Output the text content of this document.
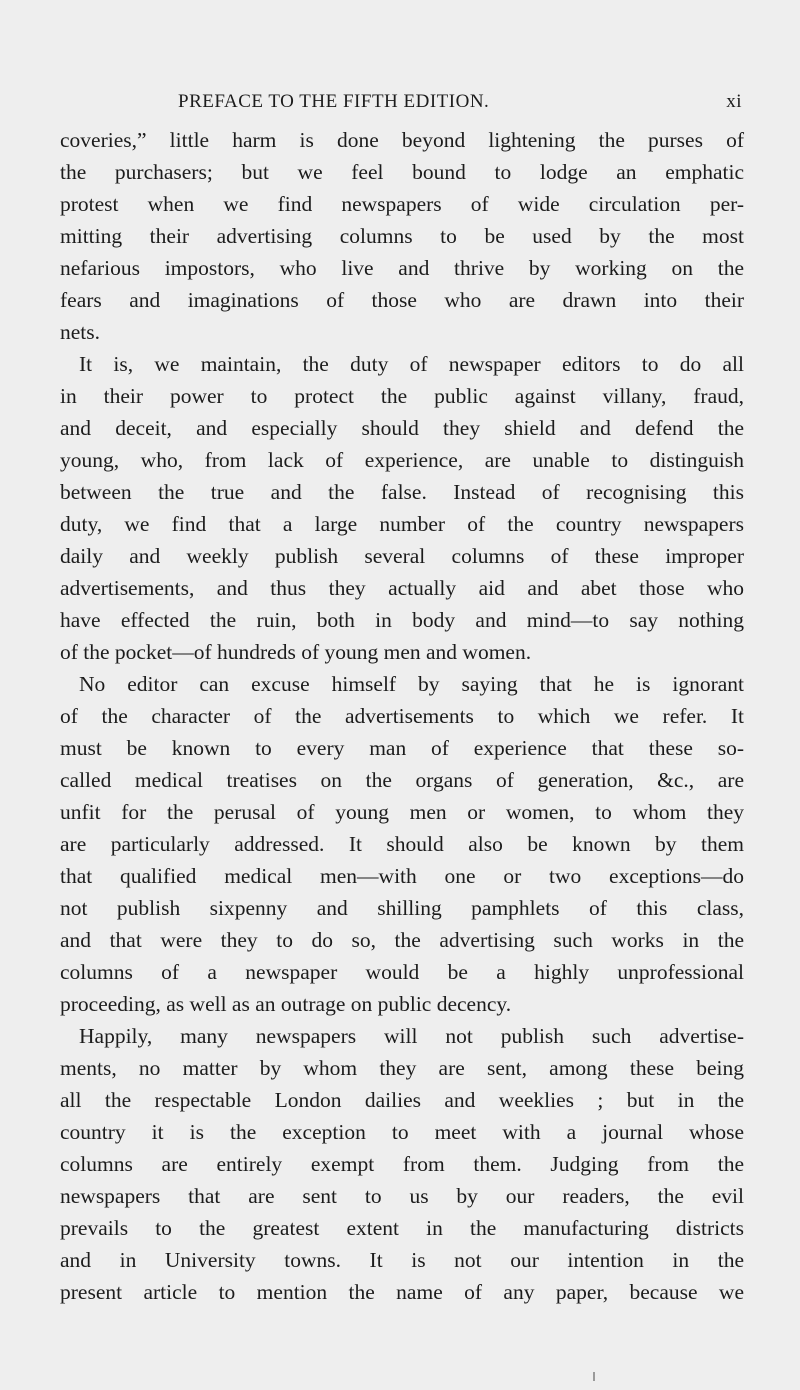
PREFACE TO THE FIFTH EDITION.	xi
coveries,” little harm is done beyond lightening the purses of
the purchasers; but we feel bound to lodge an emphatic
protest when we find newspapers of wide circulation per-
mitting their advertising columns to be used by the most
nefarious impostors, who live and thrive by working on the
fears and imaginations of those who are drawn into their
nets.
It is, we maintain, the duty of newspaper editors to do all
in their power to protect the public against villany, fraud,
and deceit, and especially should they shield and defend the
young, who, from lack of experience, are unable to distinguish
between the true and the false. Instead of recognising this
duty, we find that a large number of the country newspapers
daily and weekly publish several columns of these improper
advertisements, and thus they actually aid and abet those who
have effected the ruin, both in body and mind—to say nothing
of the pocket—of hundreds of young men and women.
No editor can excuse himself by saying that he is ignorant
of the character of the advertisements to which we refer. It
must be known to every man of experience that these so-
called medical treatises on the organs of generation, &c., are
unfit for the perusal of young men or women, to whom they
are particularly addressed. It should also be known by them
that qualified medical men—with one or two exceptions—do
not publish sixpenny and shilling pamphlets of this class,
and that were they to do so, the advertising such works in the
columns of a newspaper would be a highly unprofessional
proceeding, as well as an outrage on public decency.
Happily, many newspapers will not publish such advertise-
ments, no matter by whom they are sent, among these being
all the respectable London dailies and weeklies ; but in the
country it is the exception to meet with a journal whose
columns are entirely exempt from them. Judging from the
newspapers that are sent to us by our readers, the evil
prevails to the greatest extent in the manufacturing districts
and in University towns. It is not our intention in the
present article to mention the name of any paper, because we
